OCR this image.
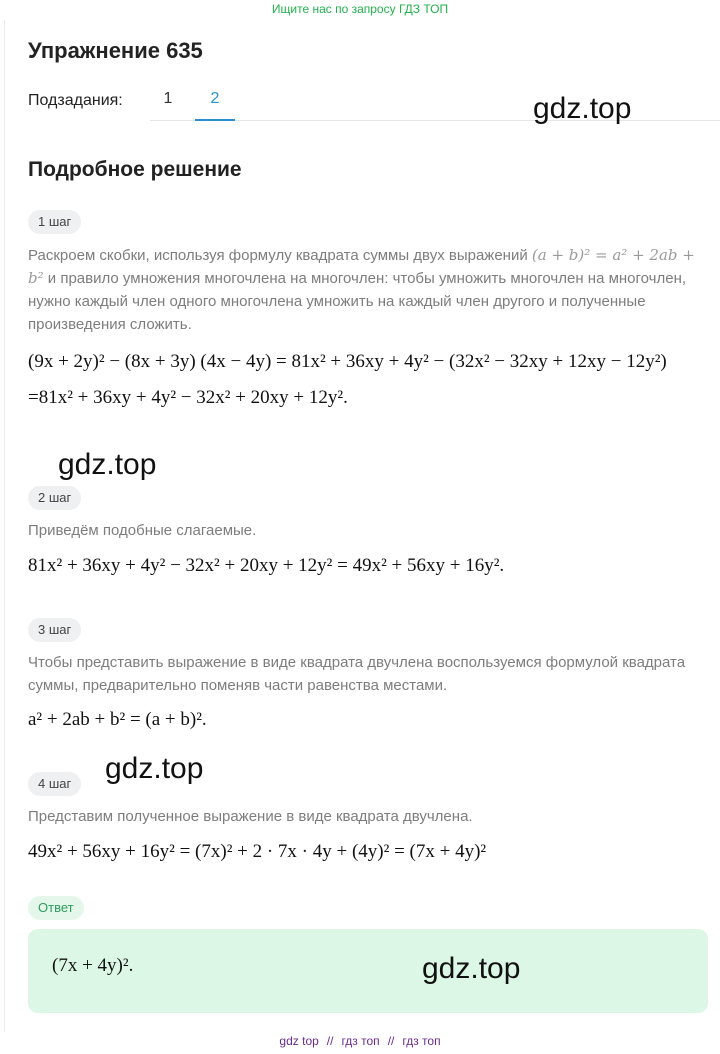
Ищите нас по запросу ГДЗ ТОП
Упражнение 635
Подзадания:	1	2	gdz.top
Подробное решение
1 шаг
Раскроем скобки, используя формулу квадрата суммы двух выражений (a + b)² = a² + 2ab + b² и правило умножения многочлена на многочлен: чтобы умножить многочлен на многочлен, нужно каждый член одного многочлена умножить на каждый член другого и полученные произведения сложить.
(9x + 2y)² − (8x + 3y) (4x − 4y) = 81x² + 36xy + 4y² − (32x² − 32xy + 12xy − 12y²) =81x² + 36xy + 4y² − 32x² + 20xy + 12y².
gdz.top
2 шаг
Приведём подобные слагаемые.
81x² + 36xy + 4y² − 32x² + 20xy + 12y² = 49x² + 56xy + 16y².
3 шаг
Чтобы представить выражение в виде квадрата двучлена воспользуемся формулой квадрата суммы, предварительно поменяв части равенства местами.
a² + 2ab + b² = (a + b)².
gdz.top
4 шаг
Представим полученное выражение в виде квадрата двучлена.
49x² + 56xy + 16y² = (7x)² + 2 · 7x · 4y + (4y)² = (7x + 4y)²
Ответ
(7x + 4y)².	gdz.top
gdz top // гдз топ // гдз топ
